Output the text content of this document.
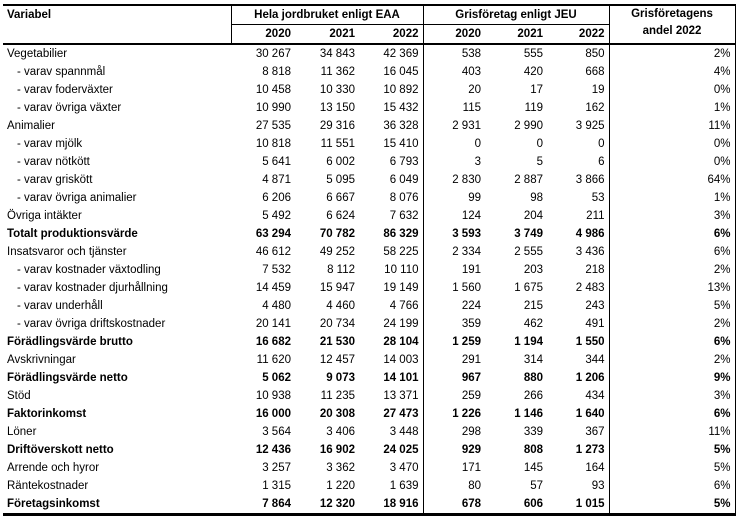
Variabel	Hela jordbruket enligt EAA			Grisföretag enligt JEU			Grisföretagens
andel 2022

	2020	2021	2022	2020	2021	2022	
Vegetabilier	30 267	34 843	42 369	538	555	850	2%
- varav spannmål	8 818	11 362	16 045	403	420	668	4%
- varav foderväxter	10 458	10 330	10 892	20	17	19	0%
- varav övriga växter	10 990	13 150	15 432	115	119	162	1%
Animalier	27 535	29 316	36 328	2 931	2 990	3 925	11%
- varav mjölk	10 818	11 551	15 410	0	0	0	0%
- varav nötkött	5 641	6 002	6 793	3	5	6	0%
- varav griskött	4 871	5 095	6 049	2 830	2 887	3 866	64%
- varav övriga animalier	6 206	6 667	8 076	99	98	53	1%
Övriga intäkter	5 492	6 624	7 632	124	204	211	3%
Totalt produktionsvärde	63 294	70 782	86 329	3 593	3 749	4 986	6%
Insatsvaror och tjänster	46 612	49 252	58 225	2 334	2 555	3 436	6%
- varav kostnader växtodling	7 532	8 112	10 110	191	203	218	2%
- varav kostnader djurhållning	14 459	15 947	19 149	1 560	1 675	2 483	13%
- varav underhåll	4 480	4 460	4 766	224	215	243	5%
- varav övriga driftskostnader	20 141	20 734	24 199	359	462	491	2%
Förädlingsvärde brutto	16 682	21 530	28 104	1 259	1 194	1 550	6%
Avskrivningar	11 620	12 457	14 003	291	314	344	2%
Förädlingsvärde netto	5 062	9 073	14 101	967	880	1 206	9%
Stöd	10 938	11 235	13 371	259	266	434	3%
Faktorinkomst	16 000	20 308	27 473	1 226	1 146	1 640	6%
Löner	3 564	3 406	3 448	298	339	367	11%
Driftöverskott netto	12 436	16 902	24 025	929	808	1 273	5%
Arrende och hyror	3 257	3 362	3 470	171	145	164	5%
Räntekostnader	1 315	1 220	1 639	80	57	93	6%
Företagsinkomst	7 864	12 320	18 916	678	606	1 015	5%
